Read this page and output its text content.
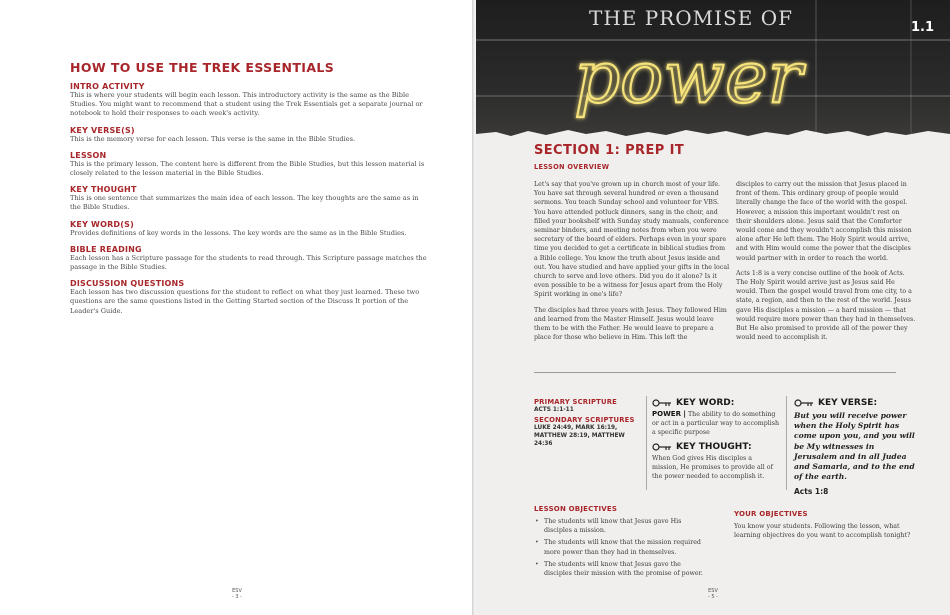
HOW TO USE THE TREK ESSENTIALS
INTRO ACTIVITY
This is where your students will begin each lesson. This introductory activity is the same as the Bible Studies. You might want to recommend that a student using the Trek Essentials get a separate journal or notebook to hold their responses to each week's activity.
KEY VERSE(S)
This is the memory verse for each lesson. This verse is the same in the Bible Studies.
LESSON
This is the primary lesson. The content here is different from the Bible Studies, but this lesson material is closely related to the lesson material in the Bible Studies.
KEY THOUGHT
This is one sentence that summarizes the main idea of each lesson. The key thoughts are the same as in the Bible Studies.
KEY WORD(S)
Provides definitions of key words in the lessons. The key words are the same as in the Bible Studies.
BIBLE READING
Each lesson has a Scripture passage for the students to read through. This Scripture passage matches the passage in the Bible Studies.
DISCUSSION QUESTIONS
Each lesson has two discussion questions for the student to reflect on what they just learned. These two questions are the same questions listed in the Getting Started section of the Discuss It portion of the Leader's Guide.
ESV
- 3 -
THE PROMISE OF
power
1.1
SECTION 1: PREP IT
LESSON OVERVIEW

Let's say that you've grown up in church most of your life. You have sat through several hundred or even a thousand sermons. You teach Sunday school and volunteer for VBS. You have attended potluck dinners, sang in the choir, and filled your bookshelf with Sunday study manuals, conference seminar binders, and meeting notes from when you were secretary of the board of elders. Perhaps even in your spare time you decided to get a certificate in biblical studies from a Bible college. You know the truth about Jesus inside and out. You have studied and have applied your gifts in the local church to serve and love others. Did you do it alone? Is it even possible to be a witness for Jesus apart from the Holy Spirit working in one's life?

The disciples had three years with Jesus. They followed Him and learned from the Master Himself. Jesus would leave them to be with the Father. He would leave to prepare a place for those who believe in Him. This left the

disciples to carry out the mission that Jesus placed in front of them. This ordinary group of people would literally change the face of the world with the gospel. However, a mission this important wouldn't rest on their shoulders alone. Jesus said that the Comforter would come and they wouldn't accomplish this mission alone after He left them. The Holy Spirit would arrive, and with Him would come the power that the disciples would partner with in order to reach the world.

Acts 1:8 is a very concise outline of the book of Acts. The Holy Spirit would arrive just as Jesus said He would. Then the gospel would travel from one city, to a state, a region, and then to the rest of the world. Jesus gave His disciples a mission — a hard mission — that would require more power than they had in themselves. But He also promised to provide all of the power they would need to accomplish it.

PRIMARY SCRIPTURE
ACTS 1:1-11
SECONDARY SCRIPTURES
LUKE 24:49, MARK 16:19, MATTHEW 28:19, MATTHEW 24:36
KEY WORD:
POWER | The ability to do something or act in a particular way to accomplish a specific purpose
KEY THOUGHT:
When God gives His disciples a mission, He promises to provide all of the power needed to accomplish it.
KEY VERSE:
But you will receive power when the Holy Spirit has come upon you, and you will be My witnesses in Jerusalem and in all Judea and Samaria, and to the end of the earth.
Acts 1:8
LESSON OBJECTIVES
• The students will know that Jesus gave His disciples a mission.
• The students will know that the mission required more power than they had in themselves.
• The students will know that Jesus gave the disciples their mission with the promise of power.
YOUR OBJECTIVES
You know your students. Following the lesson, what learning objectives do you want to accomplish tonight?
ESV
- 5 -
